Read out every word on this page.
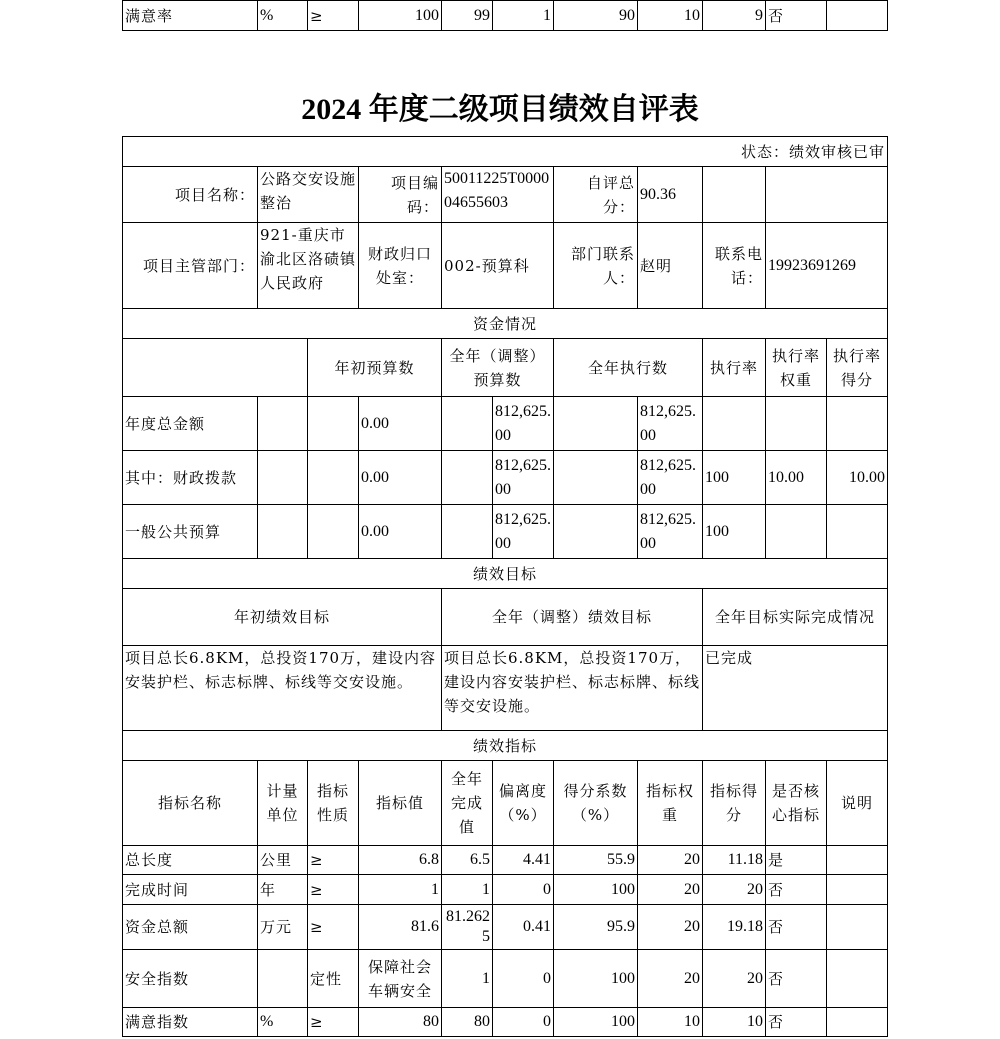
满意率	%	≥	100	99	1	90	10	9	否	
2024 年度二级项目绩效自评表
状态：绩效审核已审										
项目名称：	公路交安设施整治		项目编码：	50011225T000004655603		自评总分：	90.36			
项目主管部门：	921-重庆市渝北区洛碛镇人民政府		财政归口处室：	002-预算科		部门联系人：	赵明	联系电话：	19923691269	
资金情况										
		年初预算数		全年（调整）预算数		全年执行数		执行率	执行率权重	执行率得分
年度总金额			0.00		812,625.00		812,625.00			
其中：财政拨款			0.00		812,625.00		812,625.00	100	10.00	10.00
一般公共预算			0.00		812,625.00		812,625.00	100		
绩效目标										
年初绩效目标				全年（调整）绩效目标				全年目标实际完成情况		
项目总长6.8KM，总投资170万，建设内容安装护栏、标志标牌、标线等交安设施。				项目总长6.8KM，总投资170万，建设内容安装护栏、标志标牌、标线等交安设施。				已完成		
绩效指标										
指标名称	计量单位	指标性质	指标值	全年完成值	偏离度（%）	得分系数（%）	指标权重	指标得分	是否核心指标	说明
总长度	公里	≥	6.8	6.5	4.41	55.9	20	11.18	是	
完成时间	年	≥	1	1	0	100	20	20	否	
资金总额	万元	≥	81.6	81.2625	0.41	95.9	20	19.18	否	
安全指数		定性	保障社会车辆安全	1	0	100	20	20	否	
满意指数	%	≥	80	80	0	100	10	10	否	
